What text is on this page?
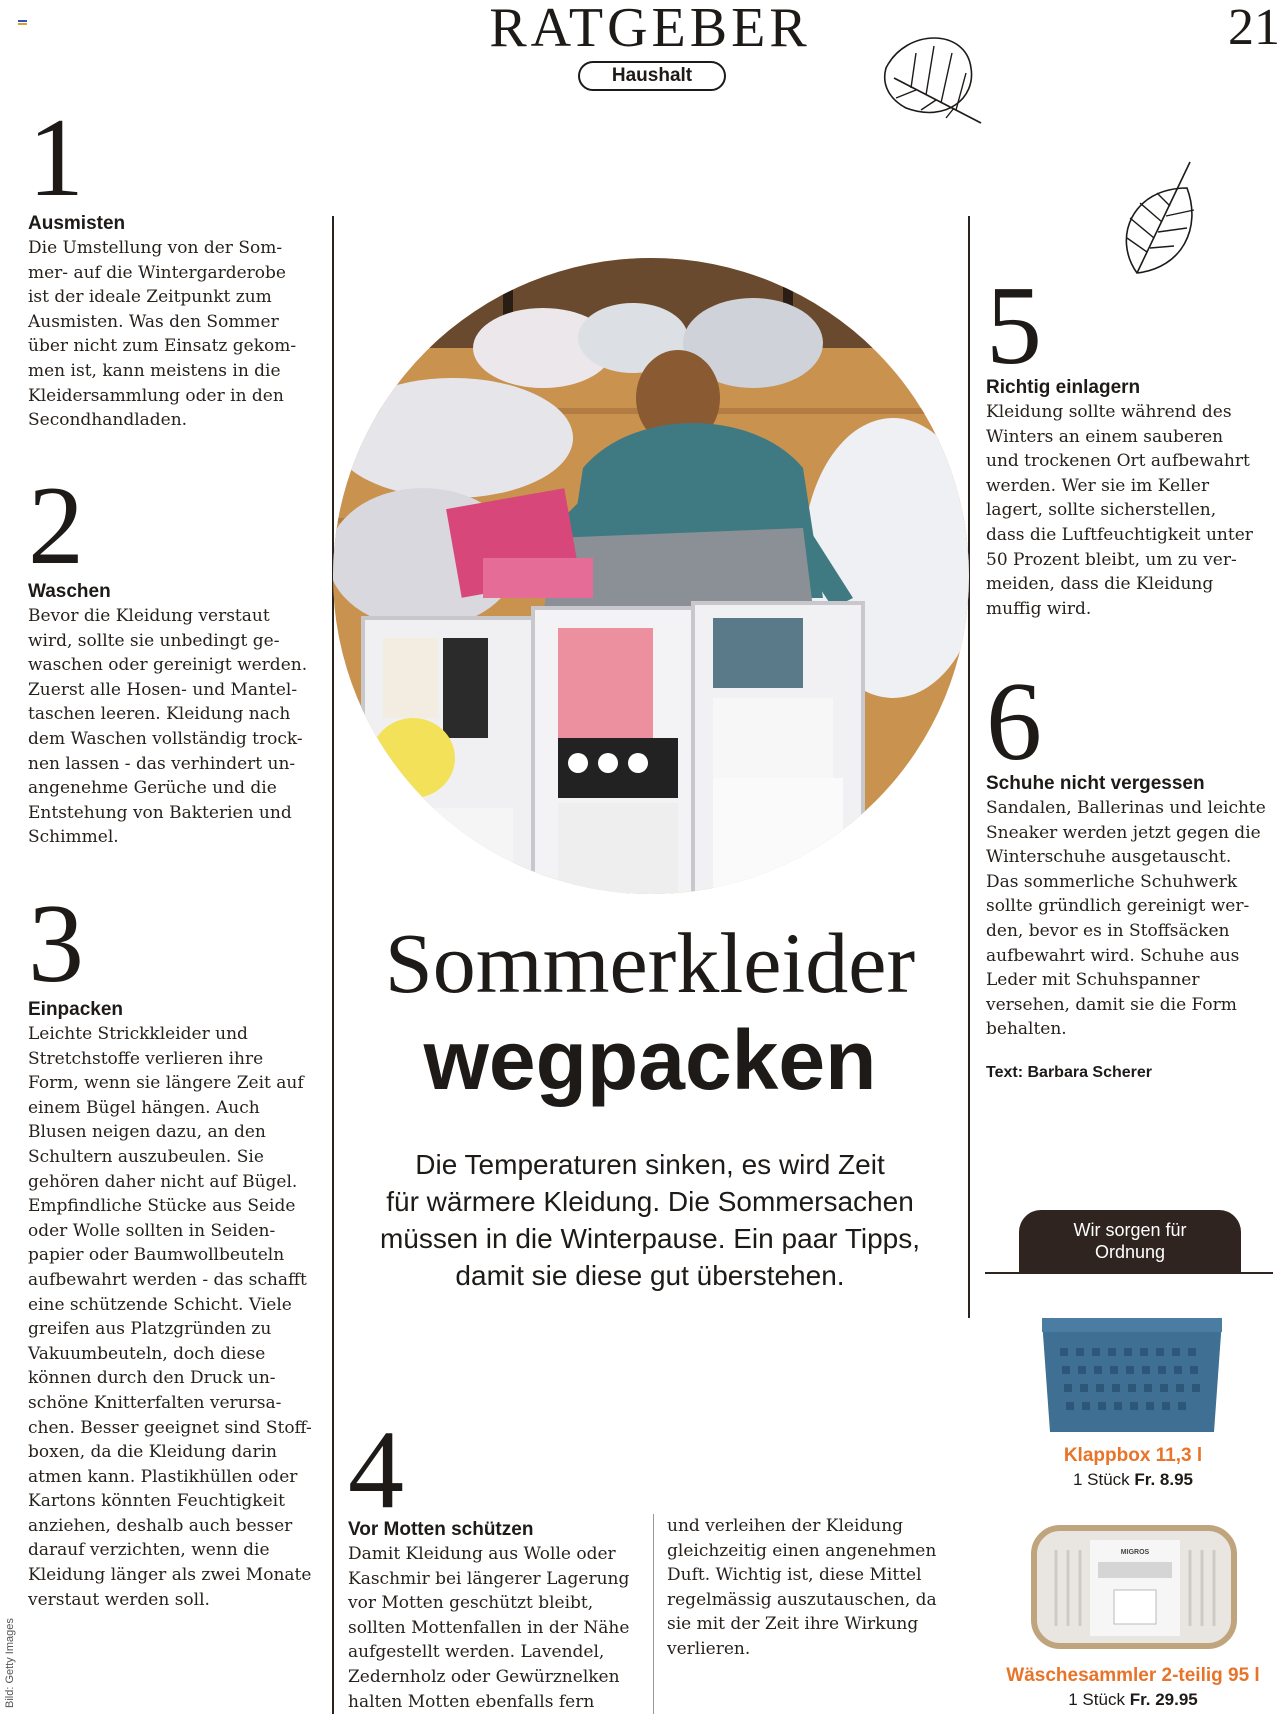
RATGEBER
Haushalt
21
1
Ausmisten
Die Umstellung von der Som-
mer- auf die Wintergarderobe
ist der ideale Zeitpunkt zum
Ausmisten. Was den Sommer
über nicht zum Einsatz gekom-
men ist, kann meistens in die
Kleidersammlung oder in den
Secondhandladen.
2
Waschen
Bevor die Kleidung verstaut
wird, sollte sie unbedingt ge-
waschen oder gereinigt werden.
Zuerst alle Hosen- und Mantel-
taschen leeren. Kleidung nach
dem Waschen vollständig trock-
nen lassen - das verhindert un-
angenehme Gerüche und die
Entstehung von Bakterien und
Schimmel.
3
Einpacken
Leichte Strickkleider und
Stretchstoffe verlieren ihre
Form, wenn sie längere Zeit auf
einem Bügel hängen. Auch
Blusen neigen dazu, an den
Schultern auszubeulen. Sie
gehören daher nicht auf Bügel.
Empfindliche Stücke aus Seide
oder Wolle sollten in Seiden-
papier oder Baumwollbeuteln
aufbewahrt werden - das schafft
eine schützende Schicht. Viele
greifen aus Platzgründen zu
Vakuumbeuteln, doch diese
können durch den Druck un-
schöne Knitterfalten verursa-
chen. Besser geeignet sind Stoff-
boxen, da die Kleidung darin
atmen kann. Plastikhüllen oder
Kartons könnten Feuchtigkeit
anziehen, deshalb auch besser
darauf verzichten, wenn die
Kleidung länger als zwei Monate
verstaut werden soll.
Bild: Getty Images
Sommerkleider
wegpacken
Die Temperaturen sinken, es wird Zeit
für wärmere Kleidung. Die Sommersachen
müssen in die Winterpause. Ein paar Tipps,
damit sie diese gut überstehen.
4
Vor Motten schützen
Damit Kleidung aus Wolle oder
Kaschmir bei längerer Lagerung
vor Motten geschützt bleibt,
sollten Mottenfallen in der Nähe
aufgestellt werden. Lavendel,
Zedernholz oder Gewürznelken
halten Motten ebenfalls fern
und verleihen der Kleidung
gleichzeitig einen angenehmen
Duft. Wichtig ist, diese Mittel
regelmässig auszutauschen, da
sie mit der Zeit ihre Wirkung
verlieren.
5
Richtig einlagern
Kleidung sollte während des
Winters an einem sauberen
und trockenen Ort aufbewahrt
werden. Wer sie im Keller
lagert, sollte sicherstellen,
dass die Luftfeuchtigkeit unter
50 Prozent bleibt, um zu ver-
meiden, dass die Kleidung
muffig wird.
6
Schuhe nicht vergessen
Sandalen, Ballerinas und leichte
Sneaker werden jetzt gegen die
Winterschuhe ausgetauscht.
Das sommerliche Schuhwerk
sollte gründlich gereinigt wer-
den, bevor es in Stoffsäcken
aufbewahrt wird. Schuhe aus
Leder mit Schuhspanner
versehen, damit sie die Form
behalten.
Text: Barbara Scherer
Wir sorgen für
Ordnung
Klappbox 11,3 l
1 Stück Fr. 8.95
MIGROS
Wäschesammler 2-teilig 95 l
1 Stück Fr. 29.95
